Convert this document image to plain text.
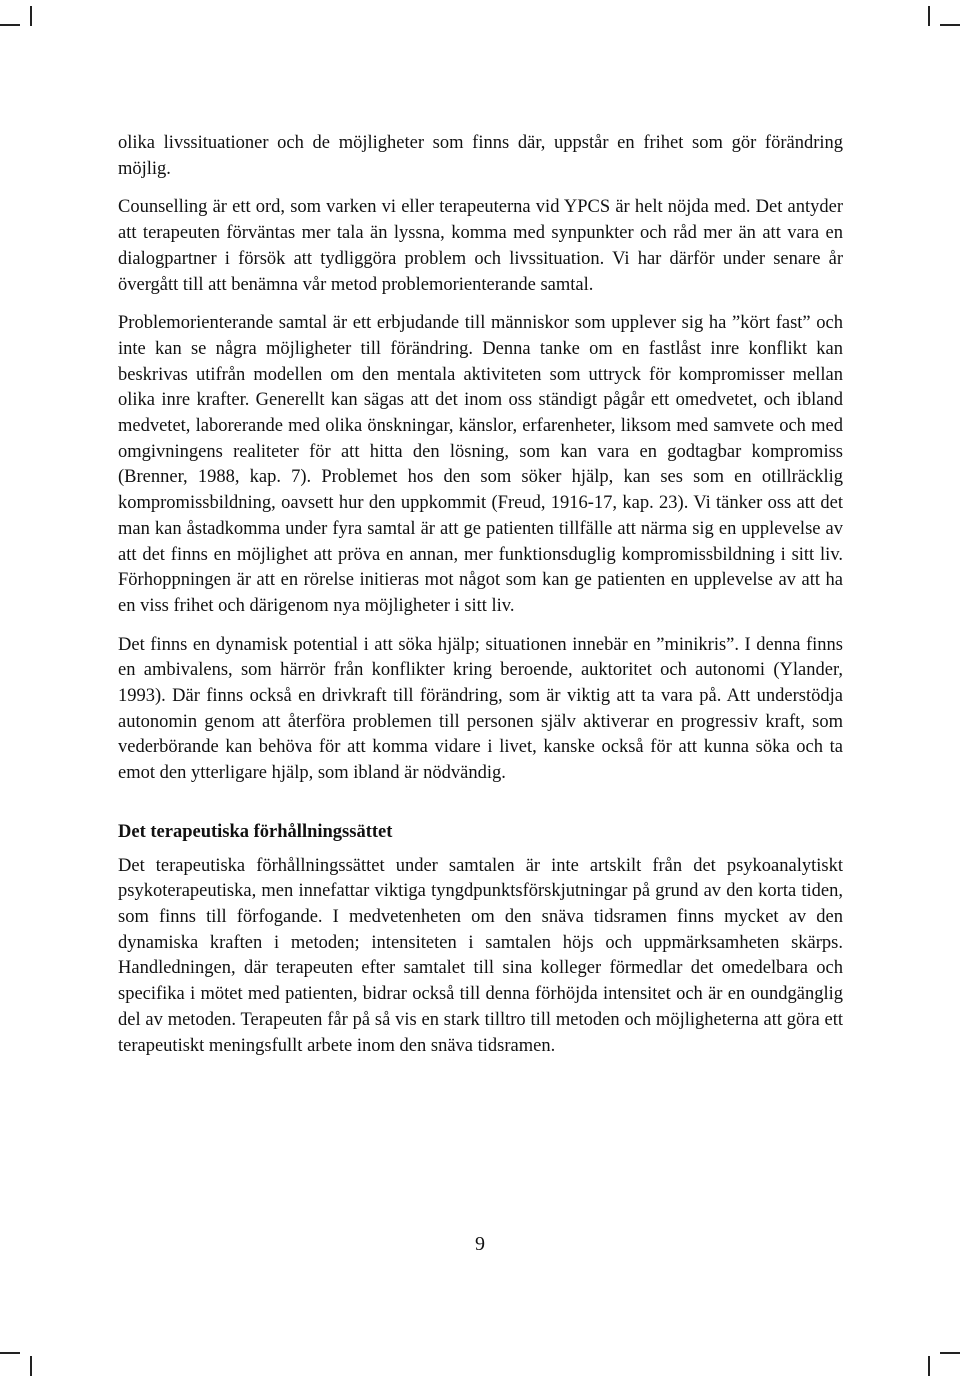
olika livssituationer och de möjligheter som finns där, uppstår en frihet som gör förändring möjlig.

Counselling är ett ord, som varken vi eller terapeuterna vid YPCS är helt nöjda med. Det antyder att terapeuten förväntas mer tala än lyssna, komma med synpunkter och råd mer än att vara en dialogpartner i försök att tydliggöra problem och livssituation. Vi har därför under senare år övergått till att benämna vår metod problemorienterande samtal.

Problemorienterande samtal är ett erbjudande till människor som upplever sig ha ”kört fast” och inte kan se några möjligheter till förändring. Denna tanke om en fastlåst inre konflikt kan beskrivas utifrån modellen om den mentala aktiviteten som uttryck för kompromisser mellan olika inre krafter. Generellt kan sägas att det inom oss ständigt pågår ett omedvetet, och ibland medvetet, laborerande med olika önskningar, känslor, erfarenheter, liksom med samvete och med omgivningens realiteter för att hitta den lösning, som kan vara en godtagbar kompromiss (Brenner, 1988, kap. 7). Problemet hos den som söker hjälp, kan ses som en otillräcklig kompromissbildning, oavsett hur den uppkommit (Freud, 1916-17, kap. 23). Vi tänker oss att det man kan åstadkomma under fyra samtal är att ge patienten tillfälle att närma sig en upplevelse av att det finns en möjlighet att pröva en annan, mer funktionsduglig kompromissbildning i sitt liv. Förhoppningen är att en rörelse initieras mot något som kan ge patienten en upplevelse av att ha en viss frihet och därigenom nya möjligheter i sitt liv.

Det finns en dynamisk potential i att söka hjälp; situationen innebär en ”minikris”. I denna finns en ambivalens, som härrör från konflikter kring beroende, auktoritet och autonomi (Ylander, 1993). Där finns också en drivkraft till förändring, som är viktig att ta vara på. Att understödja autonomin genom att återföra problemen till personen själv aktiverar en progressiv kraft, som vederbörande kan behöva för att komma vidare i livet, kanske också för att kunna söka och ta emot den ytterligare hjälp, som ibland är nödvändig.

Det terapeutiska förhållningssättet

Det terapeutiska förhållningssättet under samtalen är inte artskilt från det psykoanalytiskt psykoterapeutiska, men innefattar viktiga tyngdpunktsförskjutningar på grund av den korta tiden, som finns till förfogande. I medvetenheten om den snäva tidsramen finns mycket av den dynamiska kraften i metoden; intensiteten i samtalen höjs och uppmärksamheten skärps. Handledningen, där terapeuten efter samtalet till sina kolleger förmedlar det omedelbara och specifika i mötet med patienten, bidrar också till denna förhöjda intensitet och är en oundgänglig del av metoden. Terapeuten får på så vis en stark tilltro till metoden och möjligheterna att göra ett terapeutiskt meningsfullt arbete inom den snäva tidsramen.

9
